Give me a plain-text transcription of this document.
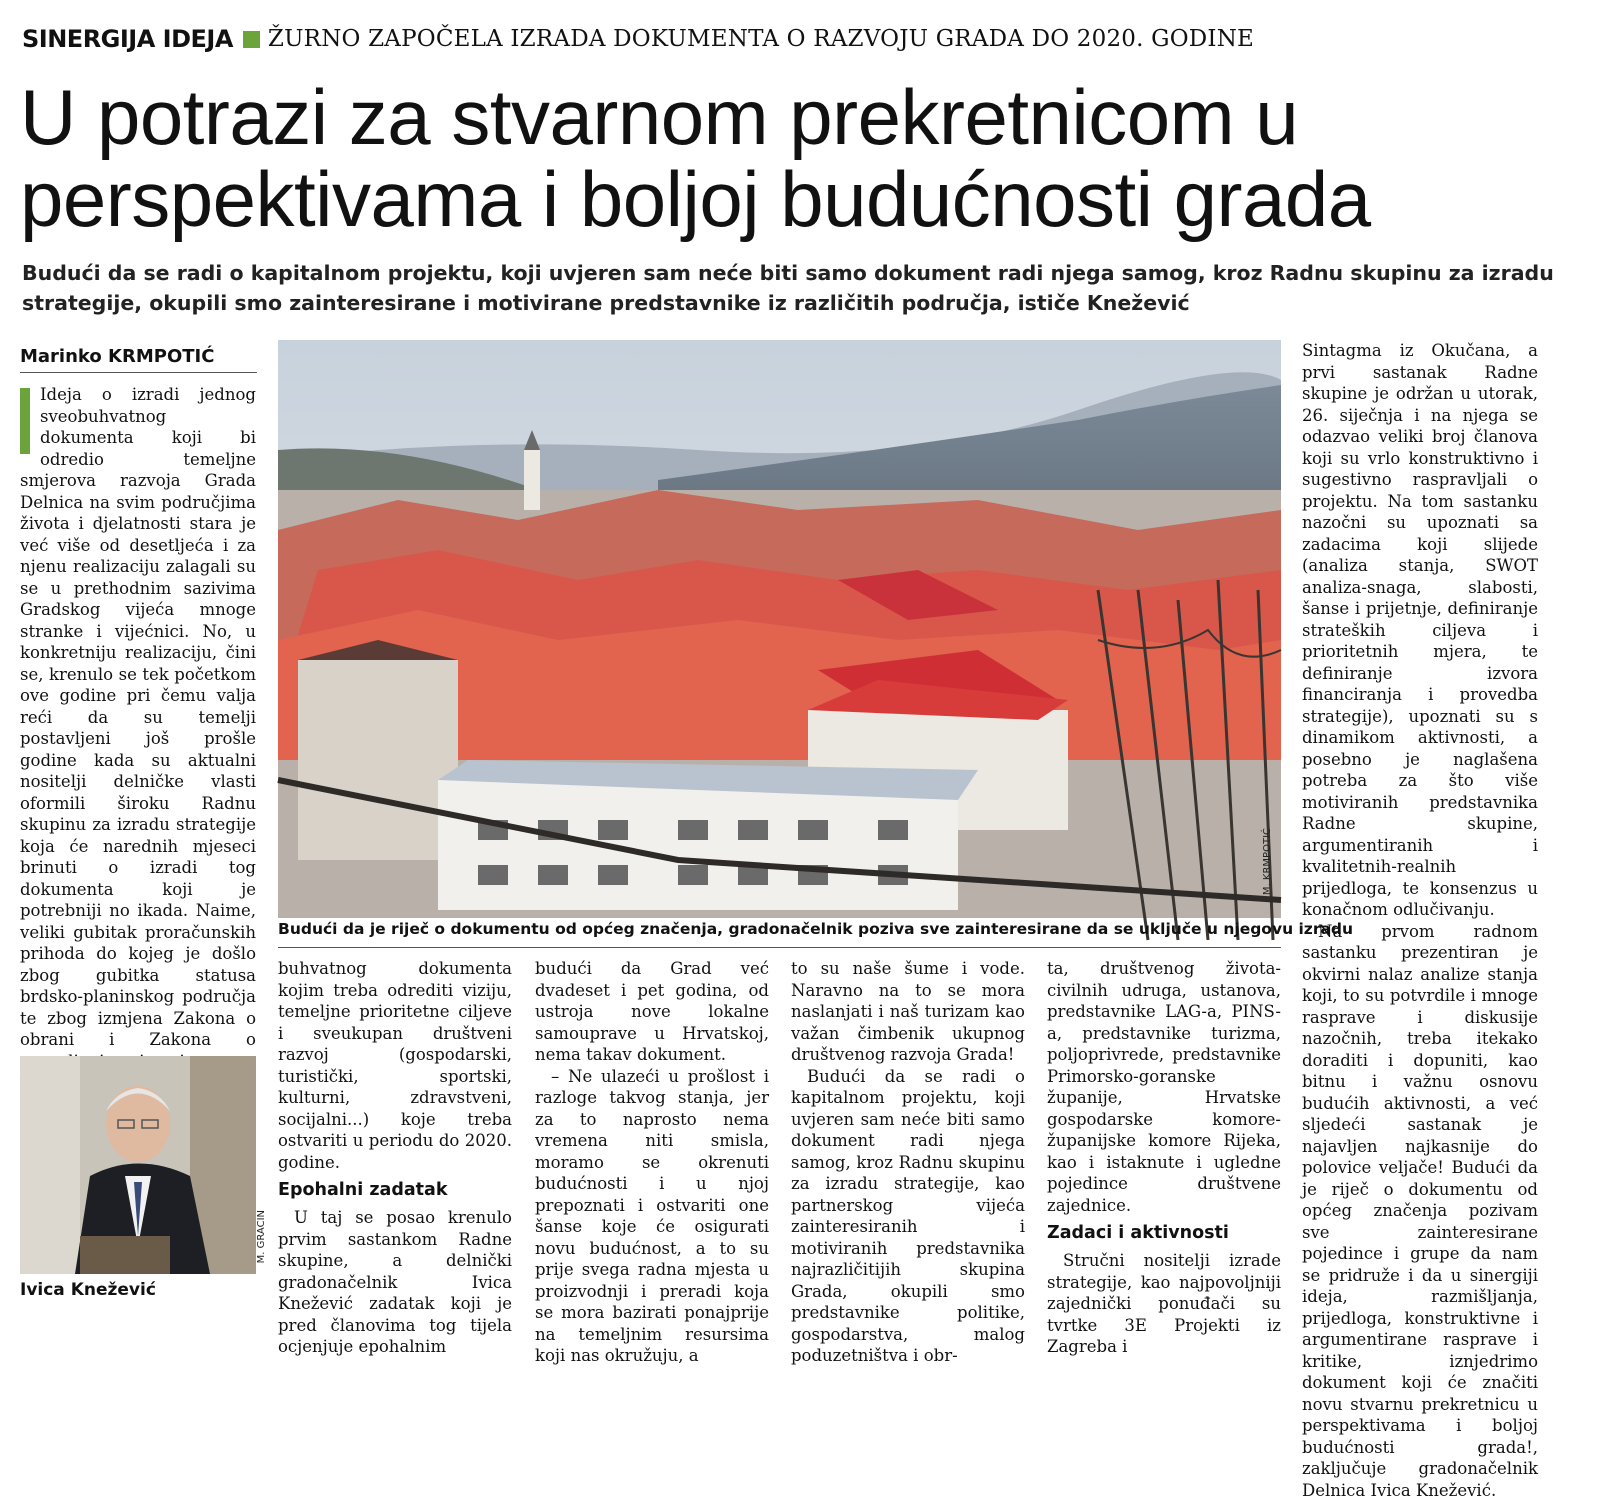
SINERGIJA IDEJA ŽURNO ZAPOČELA IZRADA DOKUMENTA O RAZVOJU GRADA DO 2020. GODINE
U potrazi za stvarnom prekretnicom u
perspektivama i boljoj budućnosti grada
Budući da se radi o kapitalnom projektu, koji uvjeren sam neće biti samo dokument radi njega samog, kroz Radnu skupinu za izradu strategije, okupili smo zainteresirane i motivirane predstavnike iz različitih područja, ističe Knežević
Marinko KRMPOTIĆ

Ideja o izradi jednog sveobuhvatnog dokumenta koji bi odredio temeljne smjerova razvoja Grada Delnica na svim područjima života i djelatnosti stara je već više od desetljeća i za njenu realizaciju zalagali su se u prethodnim sazivima Gradskog vijeća mnoge stranke i vijećnici. No, u konkretniju realizaciju, čini se, krenulo se tek početkom ove godine pri čemu valja reći da su temelji postavljeni još prošle godine kada su aktualni nositelji delničke vlasti oformili široku Radnu skupinu za izradu strategije koja će narednih mjeseci brinuti o izradi tog dokumenta koji je potrebniji no ikada. Naime, veliki gubitak proračunskih prihoda do kojeg je došlo zbog gubitka statusa brdsko-planinskog područja te zbog izmjena Zakona o obrani i Zakona o

M. KRMPOTIĆ
Budući da je riječ o dokumentu od općeg značenja, gradonačelnik poziva sve zainteresirane da se uključe u njegovu izradu

buhvatnog dokumenta kojim treba odrediti viziju, temeljne prioritetne ciljeve i sveukupan društveni razvoj (gospodarski, turistički, sportski, kulturni, zdravstveni, socijalni...) koje treba ostvariti u periodu do 2020. godine.

Epohalni zadatak

U taj se posao krenulo prvim sastankom Radne skupine, a delnički gradonačelnik Ivica Knežević zadatak koji je pred članovima tog tijela ocjenjuje epohalnim

budući da Grad već dvadeset i pet godina, od ustroja nove lokalne samouprave u Hrvatskoj, nema takav dokument.

– Ne ulazeći u prošlost i razloge takvog stanja, jer za to naprosto nema vremena niti smisla, moramo se okrenuti budućnosti i u njoj prepoznati i ostvariti one šanse koje će osigurati novu budućnost, a to su prije svega radna mjesta u proizvodnji i preradi koja se mora bazirati ponajprije na temeljnim resursima koji nas okružuju, a

to su naše šume i vode. Naravno na to se mora naslanjati i naš turizam kao važan čimbenik ukupnog društvenog razvoja Grada!

Budući da se radi o kapitalnom projektu, koji uvjeren sam neće biti samo dokument radi njega samog, kroz Radnu skupinu za izradu strategije, kao partnerskog vijeća zainteresiranih i motiviranih predstavnika najrazličitijih skupina Grada, okupili smo predstavnike politike, gospodarstva, malog poduzetništva i obr-

ta, društvenog života-civilnih udruga, ustanova, predstavnike LAG-a, PINS-a, predstavnike turizma, poljoprivrede, predstavnike Primorsko-goranske županije, Hrvatske gospodarske komore-županijske komore Rijeka, kao i istaknute i ugledne pojedince društvene zajednice.

Zadaci i aktivnosti

Stručni nositelji izrade strategije, kao najpovoljniji zajednički ponuđači su tvrtke 3E Projekti iz Zagreba i

Sintagma iz Okučana, a prvi sastanak Radne skupine je održan u utorak, 26. siječnja i na njega se odazvao veliki broj članova koji su vrlo konstruktivno i sugestivno raspravljali o projektu. Na tom sastanku nazočni su upoznati sa zadacima koji slijede (analiza stanja, SWOT analiza-snaga, slabosti, šanse i prijetnje, definiranje strateških ciljeva i prioritetnih mjera, te definiranje izvora financiranja i provedba strategije), upoznati su s dinamikom aktivnosti, a posebno je naglašena potreba za što više motiviranih predstavnika Radne skupine, argumentiranih i kvalitetnih-realnih prijedloga, te konsenzus u konačnom odlučivanju.

Na prvom radnom sastanku prezentiran je okvirni nalaz analize stanja koji, to su potvrdile i mnoge rasprave i diskusije nazočnih, treba itekako doraditi i dopuniti, kao bitnu i važnu osnovu budućih aktivnosti, a već sljedeći sastanak je najavljen najkasnije do polovice veljače! Budući da je riječ o dokumentu od općeg značenja pozivam sve zainteresirane pojedince i grupe da nam se pridruže i da u sinergiji ideja, razmišljanja, prijedloga, konstruktivne i argumentirane rasprave i kritike, iznjedrimo dokument koji će značiti novu stvarnu prekretnicu u perspektivama i boljoj budućnosti grada!, zaključuje gradonačelnik Delnica Ivica Knežević.

M. GRACIN
Ivica Knežević
